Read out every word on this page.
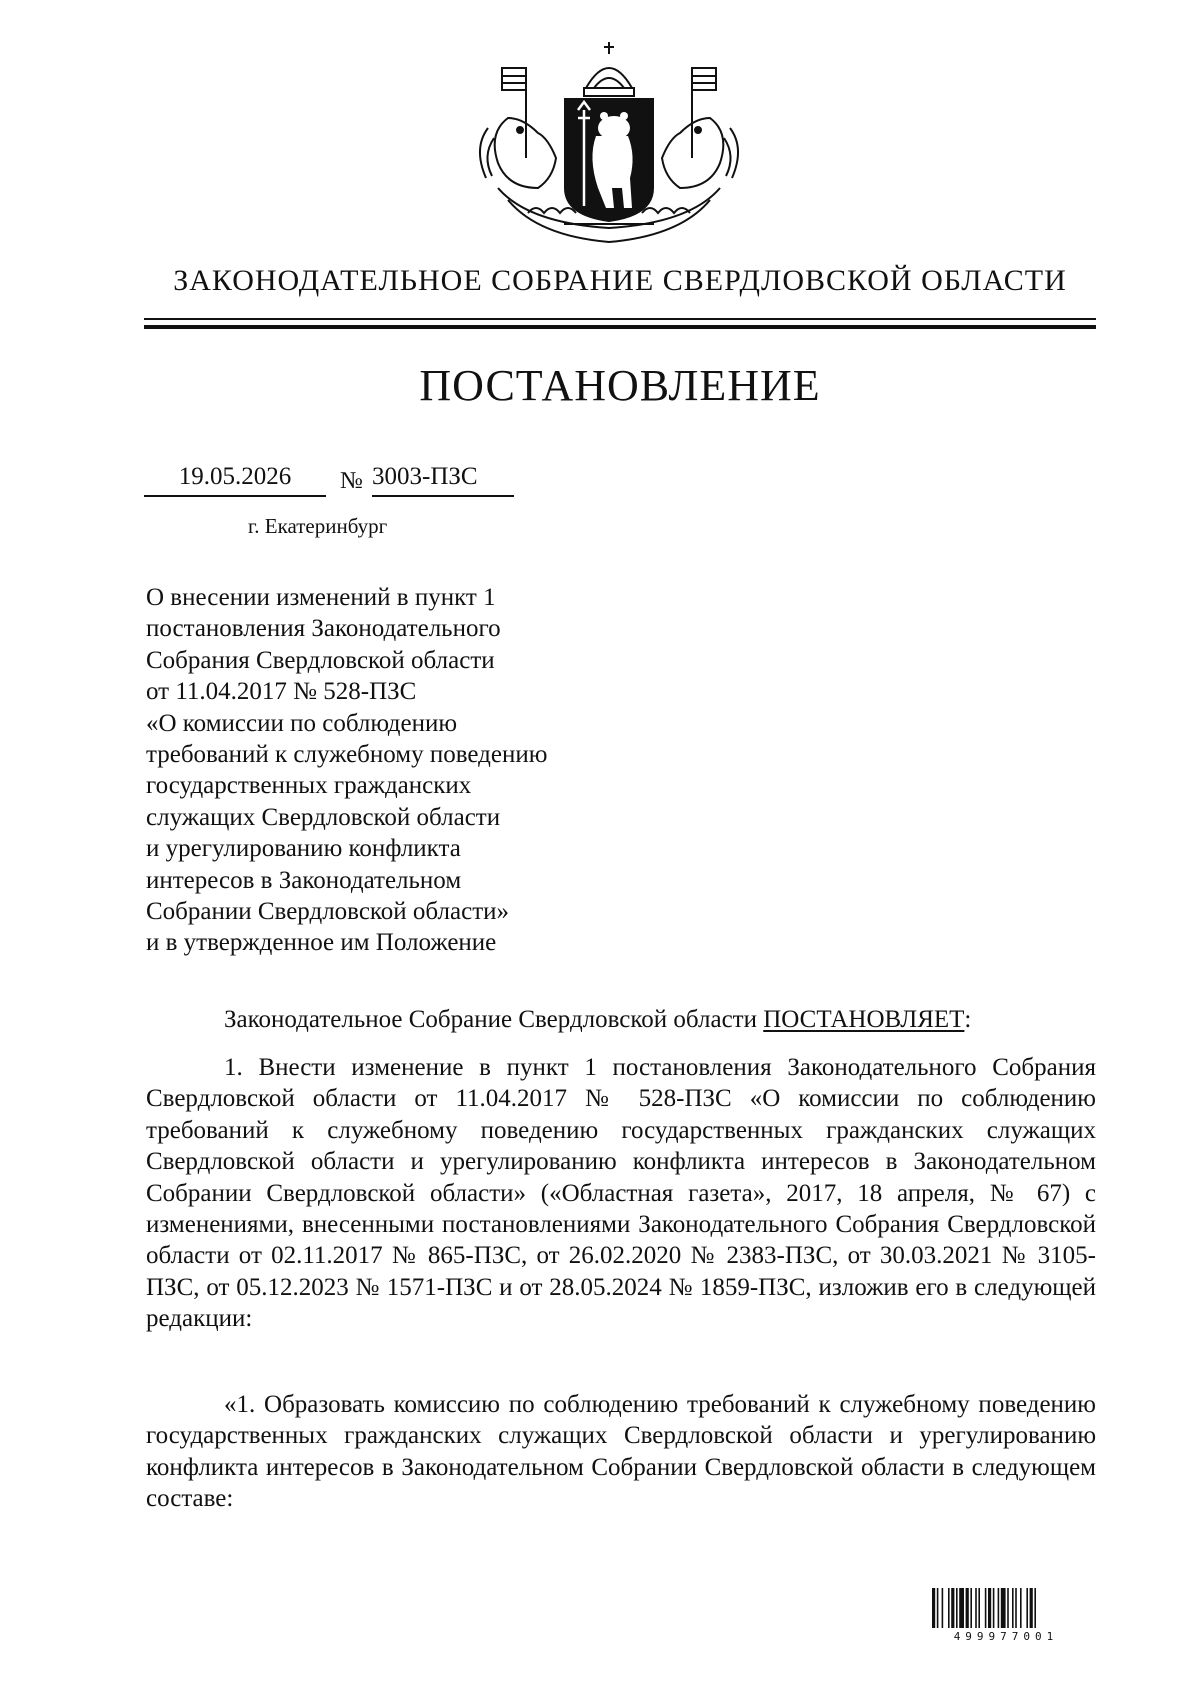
ЗАКОНОДАТЕЛЬНОЕ СОБРАНИЕ СВЕРДЛОВСКОЙ ОБЛАСТИ
ПОСТАНОВЛЕНИЕ
19.05.2026	№ 3003-ПЗС
г. Екатеринбург
О внесении изменений в пункт 1
постановления Законодательного
Собрания Свердловской области
от 11.04.2017 № 528-ПЗС
«О комиссии по соблюдению
требований к служебному поведению
государственных гражданских
служащих Свердловской области
и урегулированию конфликта
интересов в Законодательном
Собрании Свердловской области»
и в утвержденное им Положение
Законодательное Собрание Свердловской области ПОСТАНОВЛЯЕТ:
1. Внести изменение в пункт 1 постановления Законодательного Собрания Свердловской области от 11.04.2017 № 528-ПЗС «О комиссии по соблюдению требований к служебному поведению государственных гражданских служащих Свердловской области и урегулированию конфликта интересов в Законодательном Собрании Свердловской области» («Областная газета», 2017, 18 апреля, № 67) с изменениями, внесенными постановлениями Законодательного Собрания Свердловской области от 02.11.2017 № 865-ПЗС, от 26.02.2020 № 2383-ПЗС, от 30.03.2021 № 3105-ПЗС, от 05.12.2023 № 1571-ПЗС и от 28.05.2024 № 1859-ПЗС, изложив его в следующей редакции:
«1. Образовать комиссию по соблюдению требований к служебному поведению государственных гражданских служащих Свердловской области и урегулированию конфликта интересов в Законодательном Собрании Свердловской области в следующем составе:
499977001
